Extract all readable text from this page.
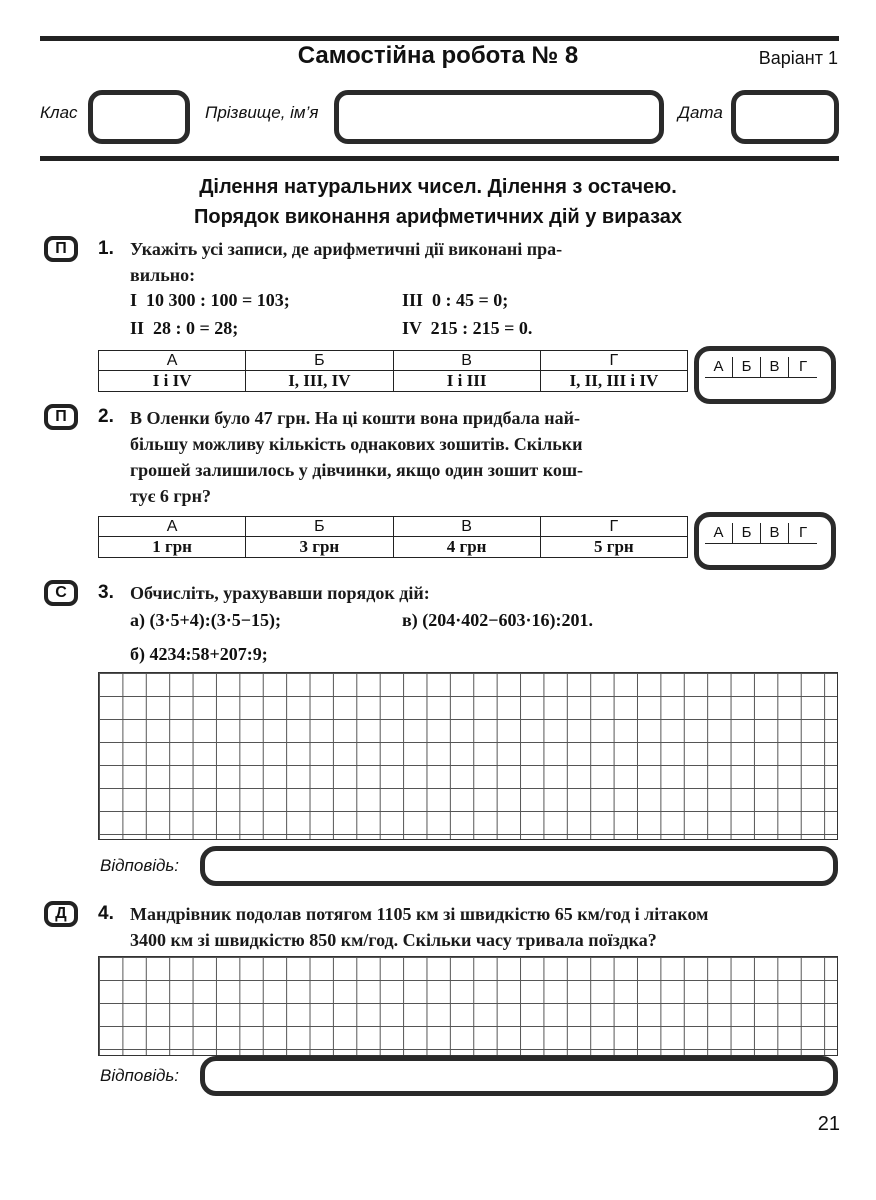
Самостійна робота № 8	Варіант 1
Клас	Прізвище, ім’я	Дата
Ділення натуральних чисел. Ділення з остачею.
Порядок виконання арифметичних дій у виразах
П	1. Укажіть усі записи, де арифметичні дії виконані пра-
вильно:
I  10 300 : 100 = 103;	III  0 : 45 = 0;
II  28 : 0 = 28;	IV  215 : 215 = 0.
А	Б	В	Г
I i IV	I, III, IV	I i III	I, II, III i IV
А	Б	В	Г
П	2. В Оленки було 47 грн. На ці кошти вона придбала най-
більшу можливу кількість однакових зошитів. Скільки
грошей залишилось у дівчинки, якщо один зошит кош-
тує 6 грн?
А	Б	В	Г
1 грн	3 грн	4 грн	5 грн
А	Б	В	Г
С	3. Обчисліть, урахувавши порядок дій:
а) (3·5+4):(3·5−15);	в) (204·402−603·16):201.
б) 4234:58+207:9;
Відповідь:
Д	4. Мандрівник подолав потягом 1105 км зі швидкістю 65 км/год і літаком
3400 км зі швидкістю 850 км/год. Скільки часу тривала поїздка?
Відповідь:
21
